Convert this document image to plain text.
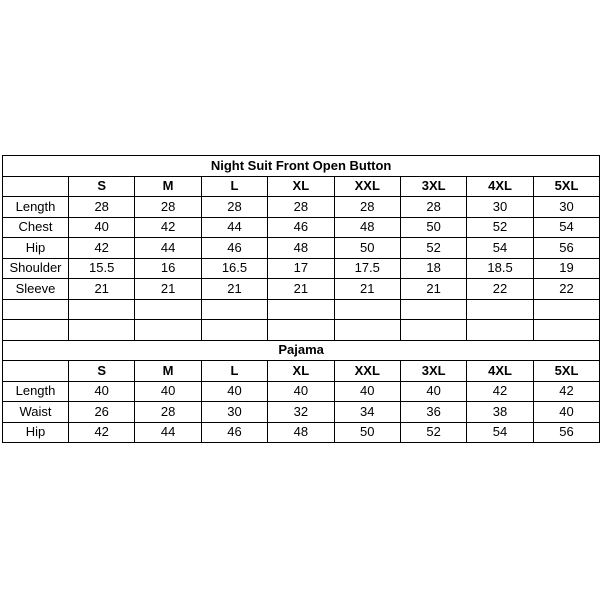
Night Suit Front Open Button								
	S	M	L	XL	XXL	3XL	4XL	5XL
Length	28	28	28	28	28	28	30	30
Chest	40	42	44	46	48	50	52	54
Hip	42	44	46	48	50	52	54	56
Shoulder	15.5	16	16.5	17	17.5	18	18.5	19
Sleeve	21	21	21	21	21	21	22	22

Pajama								
	S	M	L	XL	XXL	3XL	4XL	5XL
Length	40	40	40	40	40	40	42	42
Waist	26	28	30	32	34	36	38	40
Hip	42	44	46	48	50	52	54	56
